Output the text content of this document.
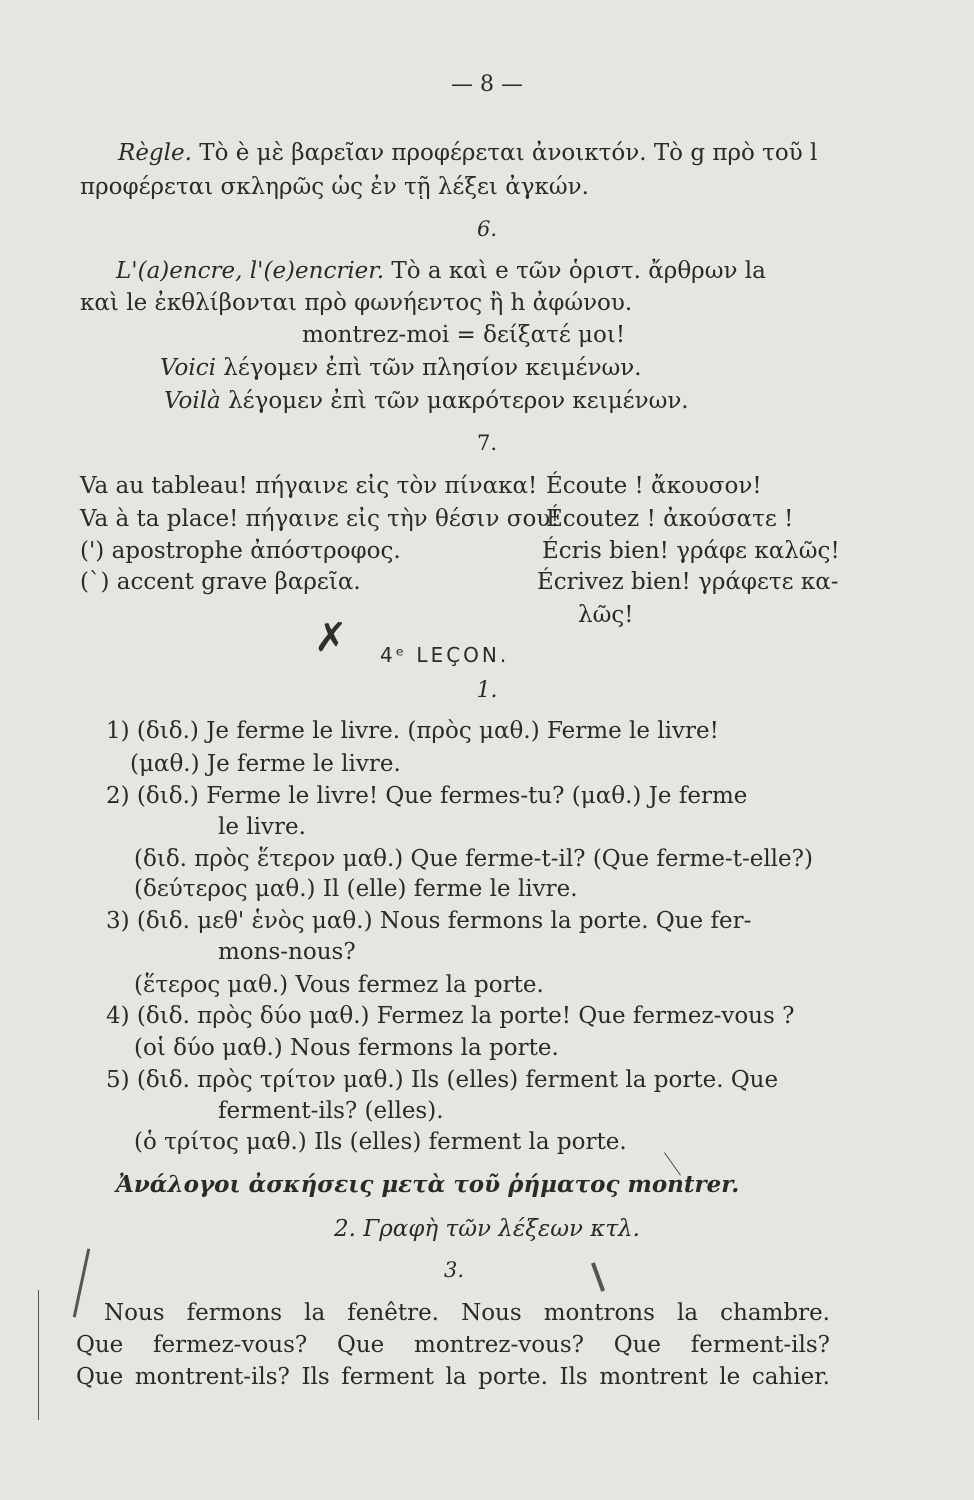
— 8 —
Règle. Τὸ è μὲ βαρεῖαν προφέρεται ἀνοικτόν. Τὸ g πρὸ τοῦ l
προφέρεται σκληρῶς ὡς ἐν τῇ λέξει ἀγκών.
6.
L'(a)encre, l'(e)encrier. Τὸ a καὶ e τῶν ὁριστ. ἄρθρων la
καὶ le ἐκθλίβονται πρὸ φωνήεντος ἢ h ἀφώνου.
montrez-moi = δείξατέ μοι!
Voici λέγομεν ἐπὶ τῶν πλησίον κειμένων.
Voilà λέγομεν ἐπὶ τῶν μακρότερον κειμένων.
7.
Va au tableau! πήγαινε εἰς τὸν πίνακα!
Va à ta place! πήγαινε εἰς τὴν θέσιν σου!
(') apostrophe ἀπόστροφος.
(`) accent grave βαρεῖα.
Écoute ! ἄκουσον!
Écoutez ! ἀκούσατε !
Écris bien! γράφε καλῶς!
Écrivez bien! γράφετε κα-
λῶς!
✗ 4ᵉ LEÇON.
1.
1) (διδ.) Je ferme le livre. (πρὸς μαθ.) Ferme le livre!
(μαθ.) Je ferme le livre.
2) (διδ.) Ferme le livre! Que fermes-tu? (μαθ.) Je ferme
le livre.
(διδ. πρὸς ἕτερον μαθ.) Que ferme-t-il? (Que ferme-t-elle?)
(δεύτερος μαθ.) Il (elle) ferme le livre.
3) (διδ. μεθ' ἑνὸς μαθ.) Nous fermons la porte. Que fer-
mons-nous?
(ἕτερος μαθ.) Vous fermez la porte.
4) (διδ. πρὸς δύο μαθ.) Fermez la porte! Que fermez-vous ?
(οἱ δύο μαθ.) Nous fermons la porte.
5) (διδ. πρὸς τρίτον μαθ.) Ils (elles) ferment la porte. Que
ferment-ils? (elles).
(ὁ τρίτος μαθ.) Ils (elles) ferment la porte.
Ἀνάλογοι ἀσκήσεις μετὰ τοῦ ῥήματος montrer.
2. Γραφὴ τῶν λέξεων κτλ.
3.
Nous fermons la fenêtre. Nous montrons la chambre.
Que fermez-vous? Que montrez-vous? Que ferment-ils?
Que montrent-ils? Ils ferment la porte. Ils montrent le cahier.
